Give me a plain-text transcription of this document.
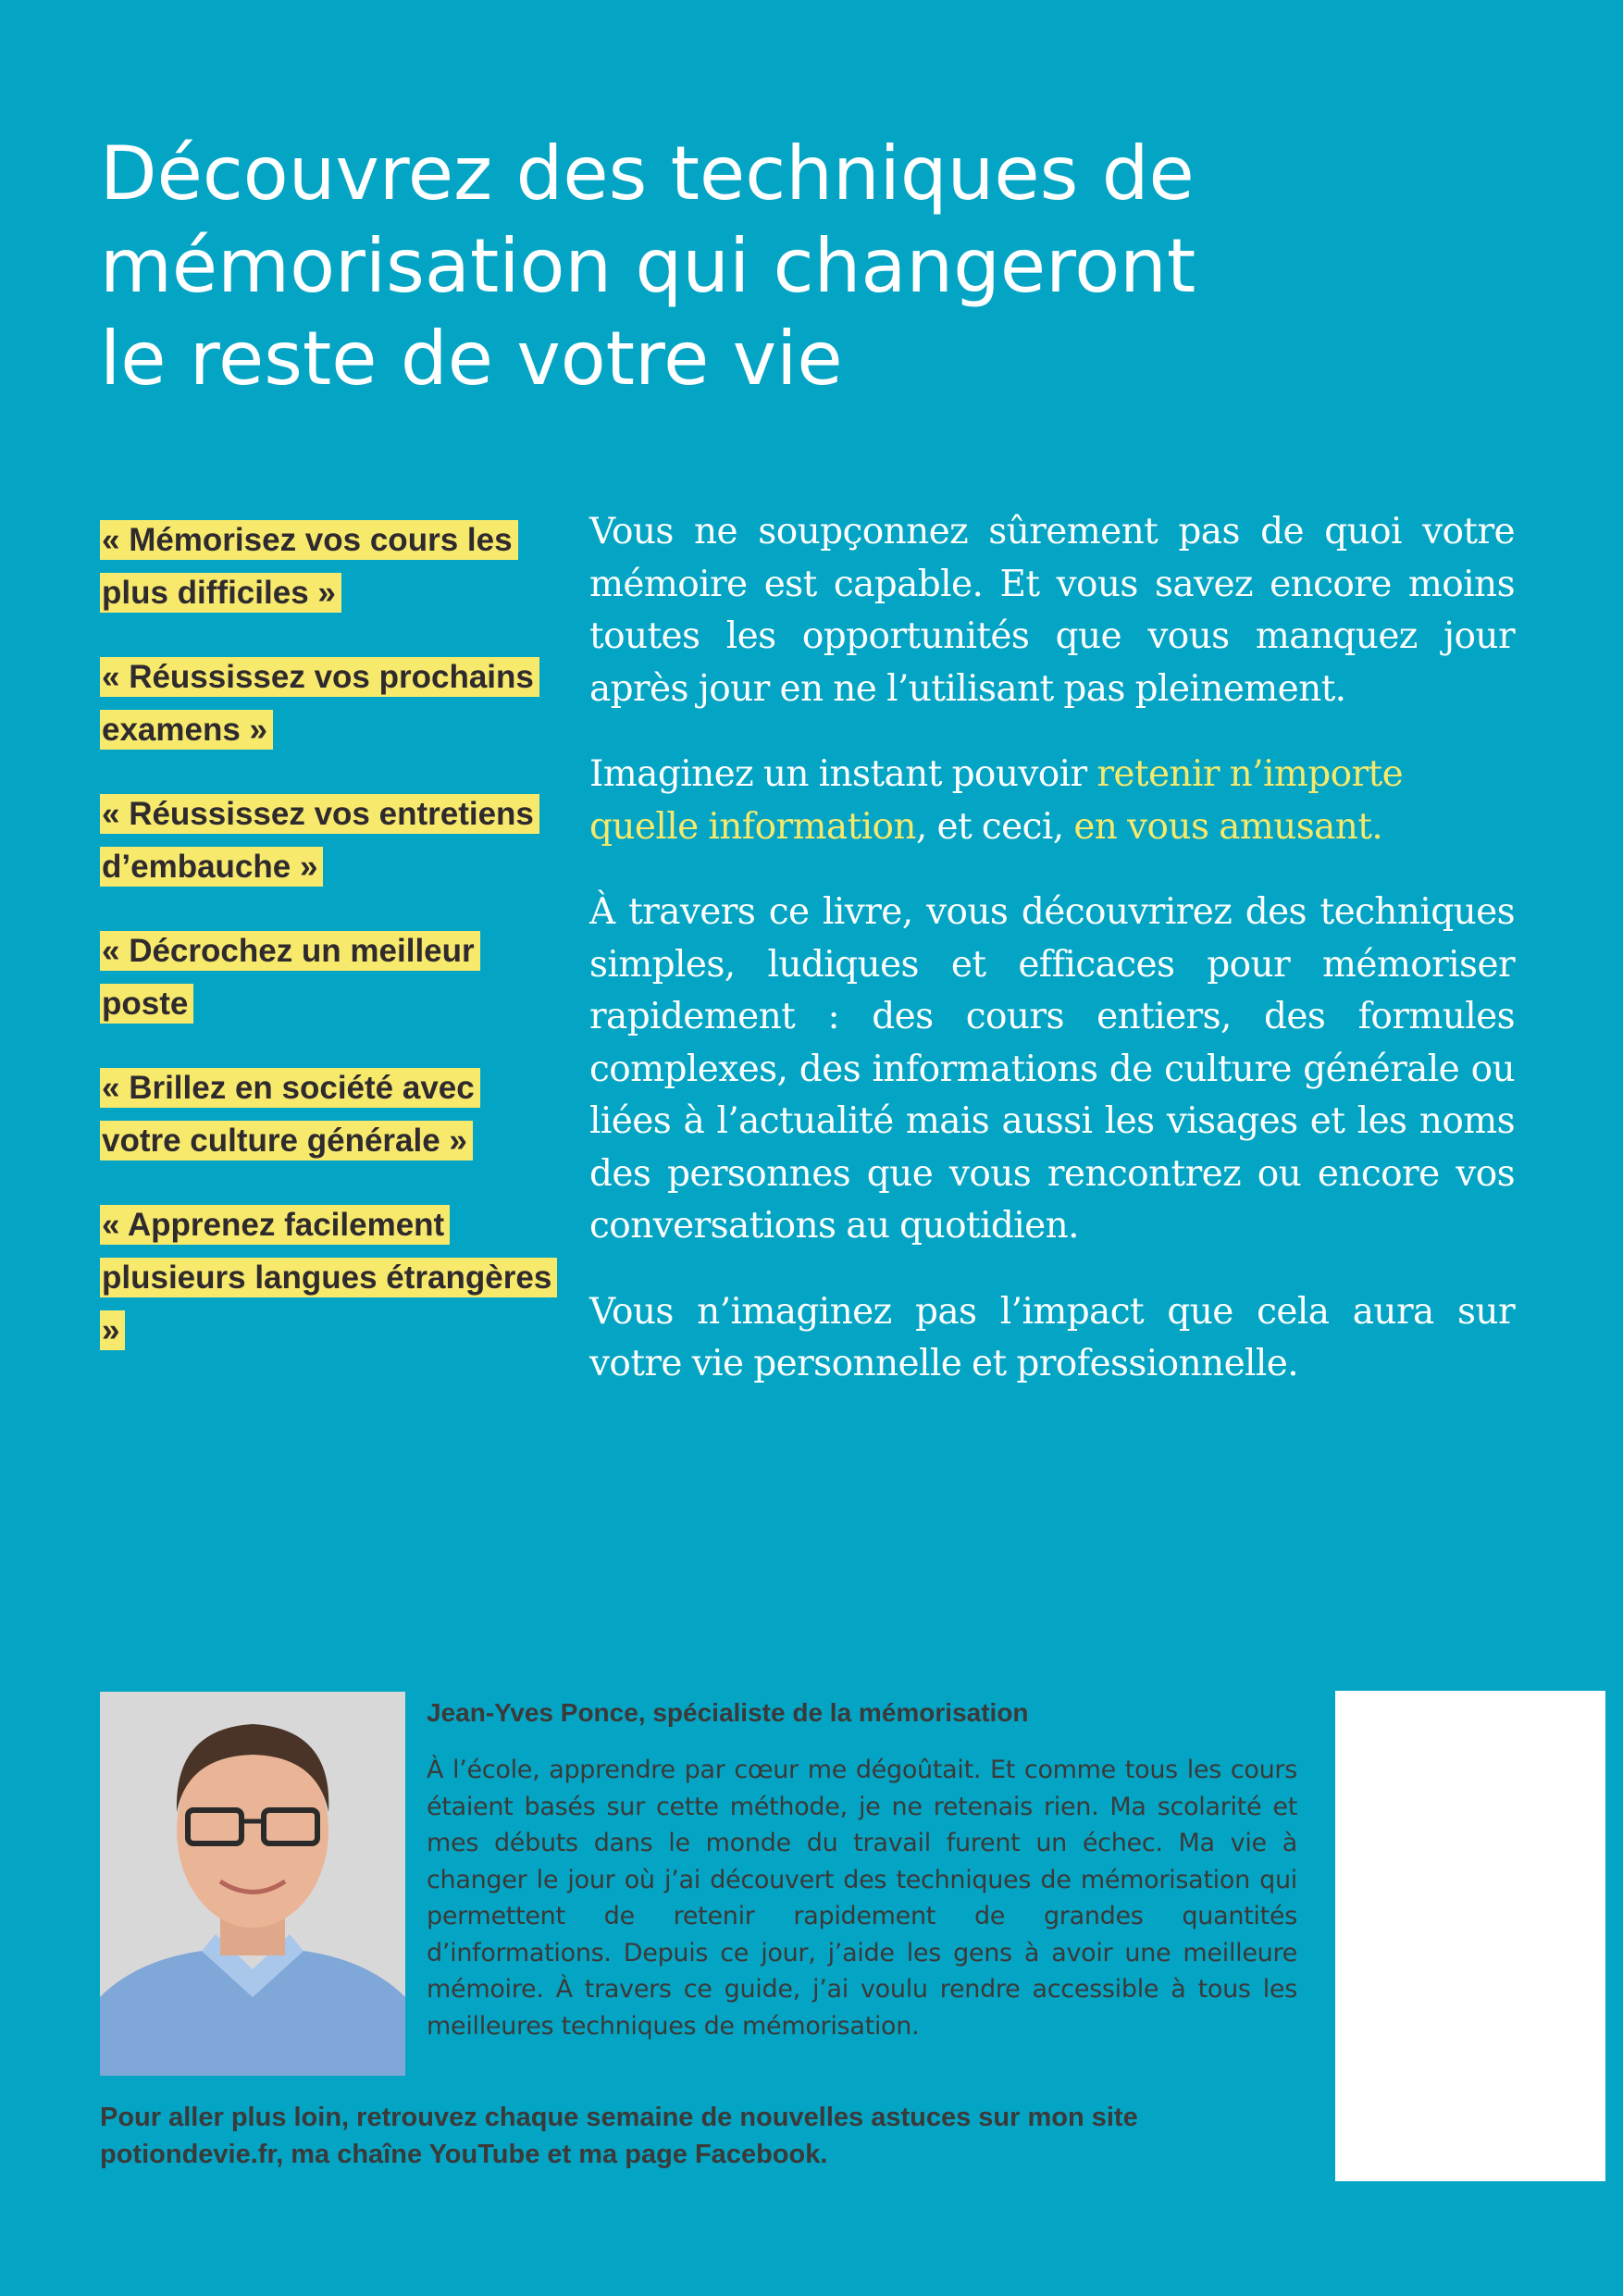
Découvrez des techniques de
mémorisation qui changeront
le reste de votre vie

« Mémorisez vos cours les plus difficiles »

« Réussissez vos prochains examens »

« Réussissez vos entretiens d’embauche »

« Décrochez un meilleur poste

« Brillez en société avec votre culture générale »

« Apprenez facilement plusieurs langues étrangères »

Vous ne soupçonnez sûrement pas de quoi votre mémoire est capable. Et vous savez encore moins toutes les opportunités que vous manquez jour après jour en ne l’utilisant pas pleinement.

Imaginez un instant pouvoir retenir n’importe quelle information, et ceci, en vous amusant.

À travers ce livre, vous découvrirez des techniques simples, ludiques et efficaces pour mémoriser rapidement : des cours entiers, des formules complexes, des informations de culture générale ou liées à l’actualité mais aussi les visages et les noms des personnes que vous rencontrez ou encore vos conversations au quotidien.

Vous n’imaginez pas l’impact que cela aura sur votre vie personnelle et professionnelle.

Jean-Yves Ponce, spécialiste de la mémorisation

À l’école, apprendre par cœur me dégoûtait. Et comme tous les cours étaient basés sur cette méthode, je ne retenais rien. Ma scolarité et mes débuts dans le monde du travail furent un échec. Ma vie à changer le jour où j’ai découvert des techniques de mémorisation qui permettent de retenir rapidement de grandes quantités d’informations. Depuis ce jour, j’aide les gens à avoir une meilleure mémoire. À travers ce guide, j’ai voulu rendre accessible à tous les meilleures techniques de mémorisation.

Pour aller plus loin, retrouvez chaque semaine de nouvelles astuces sur mon site potiondevie.fr, ma chaîne YouTube et ma page Facebook.
